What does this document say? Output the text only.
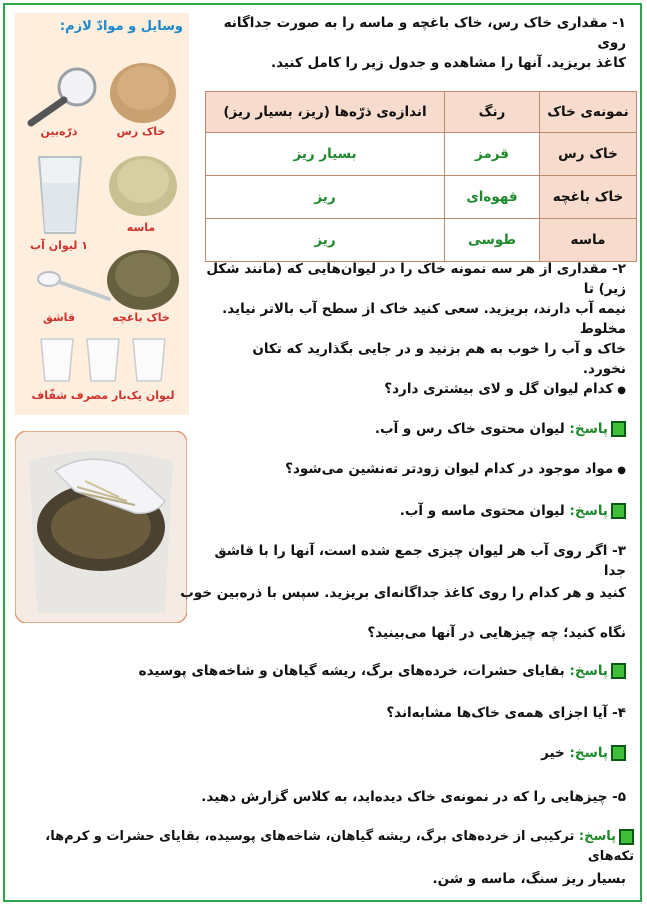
وسایل و موادّ لازم:
خاک رس
ذرّه‌بین
ماسه
۱ لیوان آب
خاک باغچه
قاشق
لیوان یک‌بار مصرف شفّاف
۱- مقداری خاک رس، خاک باغچه و ماسه را به صورت جداگانه روی
کاغذ بریزید. آنها را مشاهده و جدول زیر را کامل کنید.
نمونه‌ی خاک	رنگ	اندازه‌ی ذرّه‌ها (ریز، بسیار ریز)
خاک رس	قرمز	بسیار ریز
خاک باغچه	قهوه‌ای	ریز
ماسه	طوسی	ریز
۲- مقداری از هر سه نمونه خاک را در لیوان‌هایی که (مانند شکل زیر) تا
نیمه آب دارند، بریزید. سعی کنید خاک از سطح آب بالاتر نیاید. مخلوط
خاک و آب را خوب به هم بزنید و در جایی بگذارید که تکان نخورد.
●کدام لیوان گل و لای بیشتری دارد؟
پاسخ: لیوان محتوی خاک رس و آب.
●مواد موجود در کدام لیوان زودتر ته‌نشین می‌شود؟
پاسخ: لیوان محتوی ماسه و آب.
۳- اگر روی آب هر لیوان چیزی جمع شده است، آنها را با قاشق جدا
کنید و هر کدام را روی کاغذ جداگانه‌ای بریزید. سپس با ذره‌بین خوب
نگاه کنید؛ چه چیزهایی در آنها می‌بینید؟
پاسخ: بقایای حشرات، خرده‌های برگ، ریشه گیاهان و شاخه‌های پوسیده
۴- آیا اجزای همه‌ی خاک‌ها مشابه‌اند؟
پاسخ: خیر
۵- چیزهایی را که در نمونه‌ی خاک دیده‌اید، به کلاس گزارش دهید.
پاسخ: ترکیبی از خرده‌های برگ، ریشه گیاهان، شاخه‌های پوسیده، بقایای حشرات و کرم‌ها، تکه‌های
بسیار ریز سنگ، ماسه و شن.
